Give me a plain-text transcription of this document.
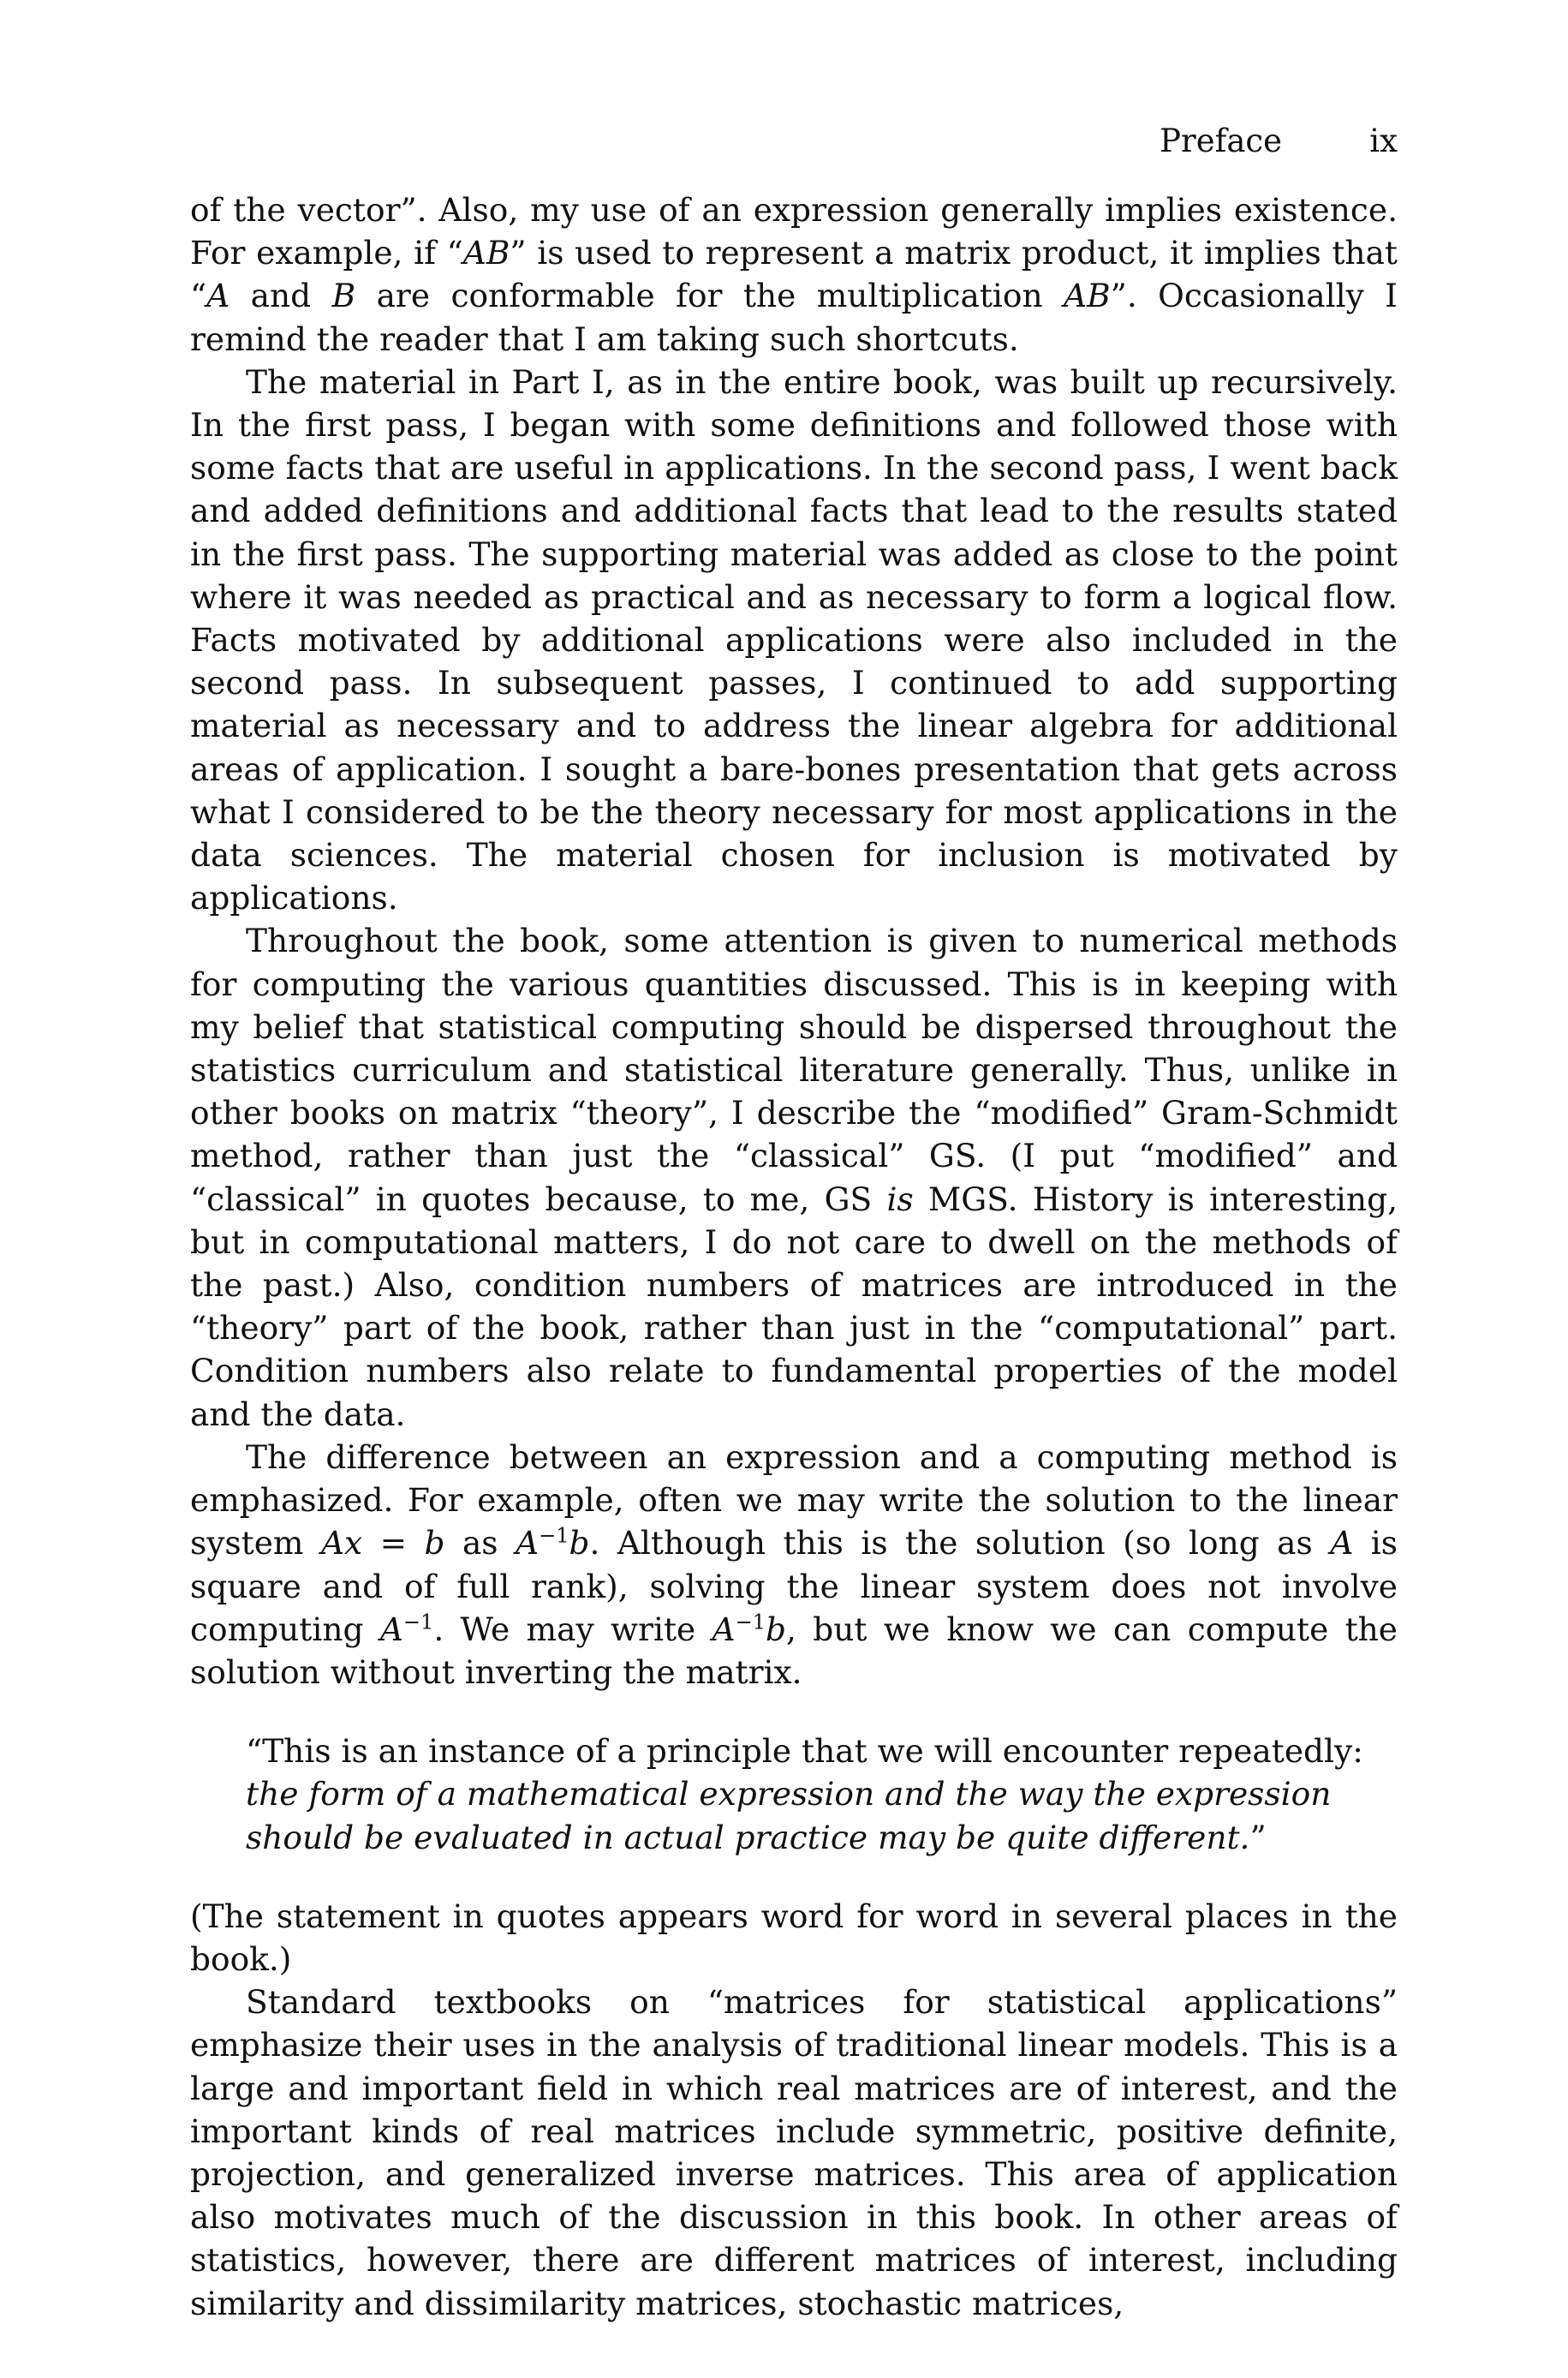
Preface	ix

of the vector”. Also, my use of an expression generally implies existence. For example, if “AB” is used to represent a matrix product, it implies that “A and B are conformable for the multiplication AB”. Occasionally I remind the reader that I am taking such shortcuts.

The material in Part I, as in the entire book, was built up recursively. In the first pass, I began with some definitions and followed those with some facts that are useful in applications. In the second pass, I went back and added definitions and additional facts that lead to the results stated in the first pass. The supporting material was added as close to the point where it was needed as practical and as necessary to form a logical flow. Facts motivated by additional applications were also included in the second pass. In subsequent passes, I continued to add supporting material as necessary and to address the linear algebra for additional areas of application. I sought a bare-bones presentation that gets across what I considered to be the theory necessary for most applications in the data sciences. The material chosen for inclusion is motivated by applications.

Throughout the book, some attention is given to numerical methods for computing the various quantities discussed. This is in keeping with my belief that statistical computing should be dispersed throughout the statistics curriculum and statistical literature generally. Thus, unlike in other books on matrix “theory”, I describe the “modified” Gram-Schmidt method, rather than just the “classical” GS. (I put “modified” and “classical” in quotes because, to me, GS is MGS. History is interesting, but in computational matters, I do not care to dwell on the methods of the past.) Also, condition numbers of matrices are introduced in the “theory” part of the book, rather than just in the “computational” part. Condition numbers also relate to fundamental properties of the model and the data.

The difference between an expression and a computing method is emphasized. For example, often we may write the solution to the linear system Ax = b as $A^{-1}b$. Although this is the solution (so long as A is square and of full rank), solving the linear system does not involve computing $A^{-1}$. We may write $A^{-1}b$, but we know we can compute the solution without inverting the matrix.

“This is an instance of a principle that we will encounter repeatedly: the form of a mathematical expression and the way the expression should be evaluated in actual practice may be quite different.”

(The statement in quotes appears word for word in several places in the book.)

Standard textbooks on “matrices for statistical applications” emphasize their uses in the analysis of traditional linear models. This is a large and important field in which real matrices are of interest, and the important kinds of real matrices include symmetric, positive definite, projection, and generalized inverse matrices. This area of application also motivates much of the discussion in this book. In other areas of statistics, however, there are different matrices of interest, including similarity and dissimilarity matrices, stochastic matrices,
